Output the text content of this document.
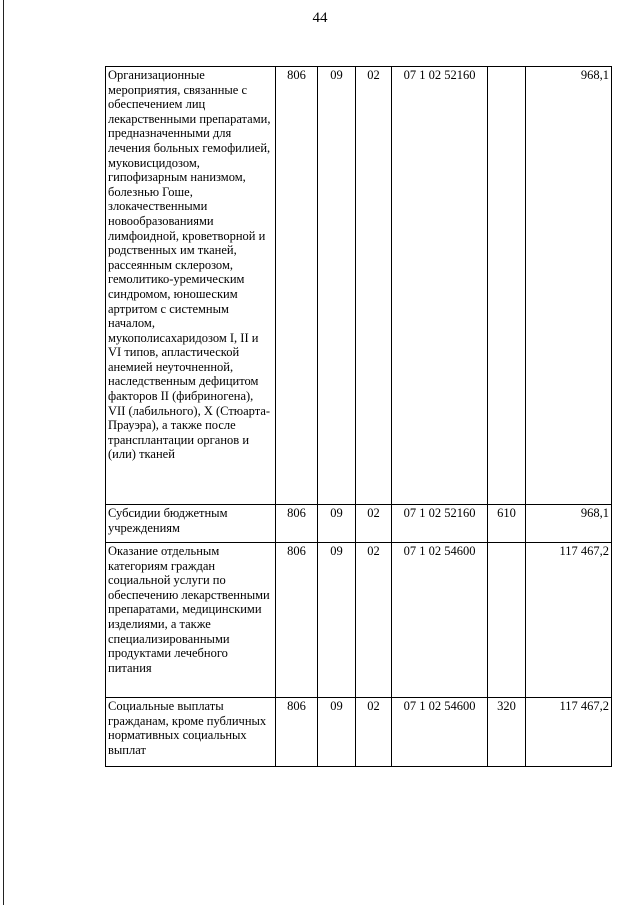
44
Организационные мероприятия, связанные с обеспечением лиц лекарственными препаратами, предназначенными для лечения больных гемофилией, муковисцидозом, гипофизарным нанизмом, болезнью Гоше, злокачественными новообразованиями лимфоидной, кроветворной и родственных им тканей, рассеянным склерозом, гемолитико-уремическим синдромом, юношеским артритом с системным началом, мукополисахаридозом I, II и VI типов, апластической анемией неуточненной, наследственным дефицитом факторов II (фибриногена), VII (лабильного), X (Стюарта-Прауэра), а также после трансплантации органов и (или) тканей	806	09	02	07 1 02 52160		968,1
Субсидии бюджетным учреждениям	806	09	02	07 1 02 52160	610	968,1
Оказание отдельным категориям граждан социальной услуги по обеспечению лекарственными препаратами, медицинскими изделиями, а также специализированными продуктами лечебного питания	806	09	02	07 1 02 54600		117 467,2
Социальные выплаты гражданам, кроме публичных нормативных социальных выплат	806	09	02	07 1 02 54600	320	117 467,2
